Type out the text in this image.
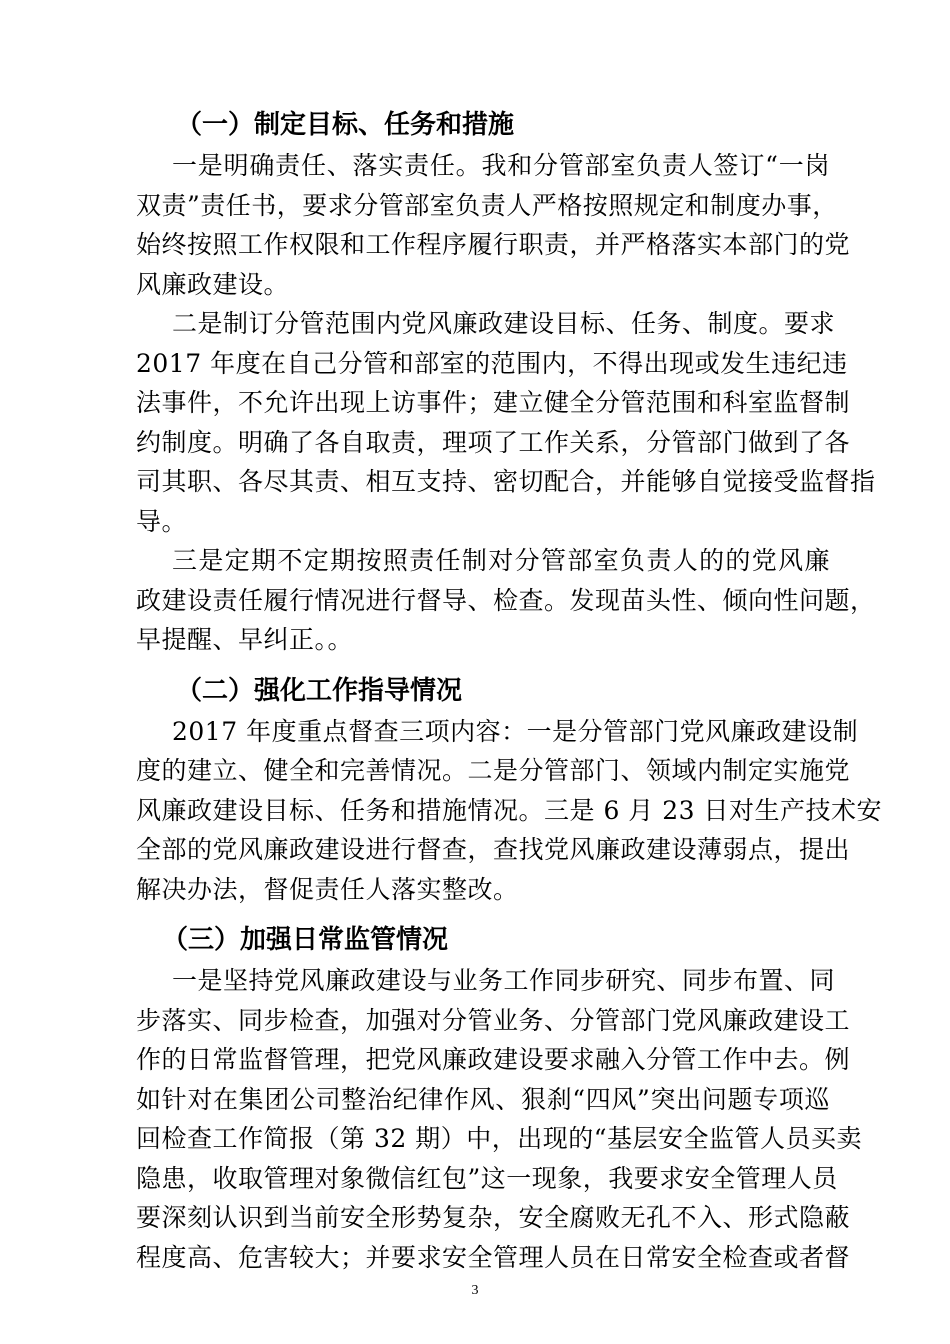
（一）制定目标、任务和措施
一是明确责任、落实责任。我和分管部室负责人签订“一岗
双责”责任书，要求分管部室负责人严格按照规定和制度办事，
始终按照工作权限和工作程序履行职责，并严格落实本部门的党
风廉政建设。
二是制订分管范围内党风廉政建设目标、任务、制度。要求
2017 年度在自己分管和部室的范围内，不得出现或发生违纪违
法事件，不允许出现上访事件；建立健全分管范围和科室监督制
约制度。明确了各自取责，理项了工作关系，分管部门做到了各
司其职、各尽其责、相互支持、密切配合，并能够自觉接受监督指
导。
三是定期不定期按照责任制对分管部室负责人的的党风廉
政建设责任履行情况进行督导、检查。发现苗头性、倾向性问题，
早提醒、早纠正。。
（二）强化工作指导情况
2017 年度重点督查三项内容：一是分管部门党风廉政建设制
度的建立、健全和完善情况。二是分管部门、领域内制定实施党
风廉政建设目标、任务和措施情况。三是 6 月 23 日对生产技术安
全部的党风廉政建设进行督查，查找党风廉政建设薄弱点，提出
解决办法，督促责任人落实整改。
（三）加强日常监管情况
一是坚持党风廉政建设与业务工作同步研究、同步布置、同
步落实、同步检查，加强对分管业务、分管部门党风廉政建设工
作的日常监督管理，把党风廉政建设要求融入分管工作中去。例
如针对在集团公司整治纪律作风、狠刹“四风”突出问题专项巡
回检查工作简报（第 32 期）中，出现的“基层安全监管人员买卖
隐患，收取管理对象微信红包”这一现象，我要求安全管理人员
要深刻认识到当前安全形势复杂，安全腐败无孔不入、形式隐蔽
程度高、危害较大；并要求安全管理人员在日常安全检查或者督
3
